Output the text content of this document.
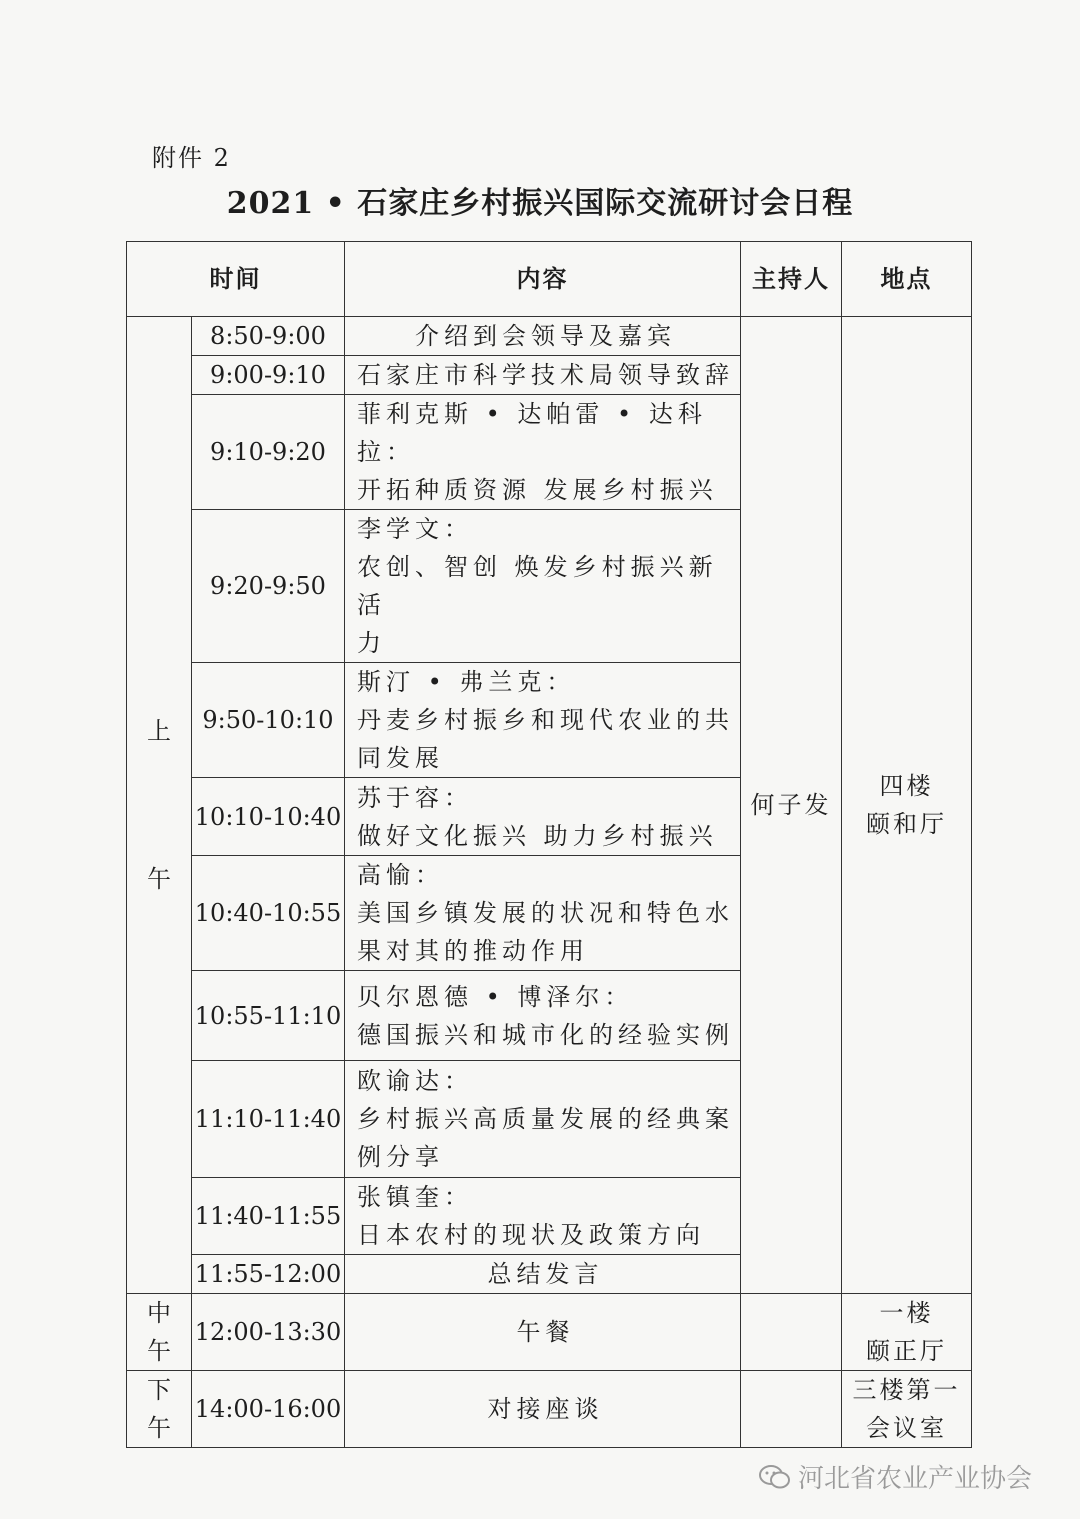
附件 2
2021 • 石家庄乡村振兴国际交流研讨会日程
时间		内容	主持人	地点

上
午	8:50-9:00	介绍到会领导及嘉宾	何子发	四楼
颐和厅

	9:00-9:10	石家庄市科学技术局领导致辞		

	9:10-9:20	菲利克斯 • 达帕雷 • 达科拉：
开拓种质资源 发展乡村振兴		

	9:20-9:50	李学文：
农创、智创 焕发乡村振兴新活
力		

	9:50-10:10	斯汀 • 弗兰克：
丹麦乡村振乡和现代农业的共
同发展		

	10:10-10:40	苏于容：
做好文化振兴 助力乡村振兴		

	10:40-10:55	高愉：
美国乡镇发展的状况和特色水
果对其的推动作用		

	10:55-11:10	贝尔恩德 • 博泽尔：
德国振兴和城市化的经验实例		

	11:10-11:40	欧谕达：
乡村振兴高质量发展的经典案
例分享		

	11:40-11:55	张镇奎：
日本农村的现状及政策方向		

	11:55-12:00	总结发言		

中
午	12:00-13:30	午餐		一楼
颐正厅

下
午	14:00-16:00	对接座谈		三楼第一
会议室
河北省农业产业协会
